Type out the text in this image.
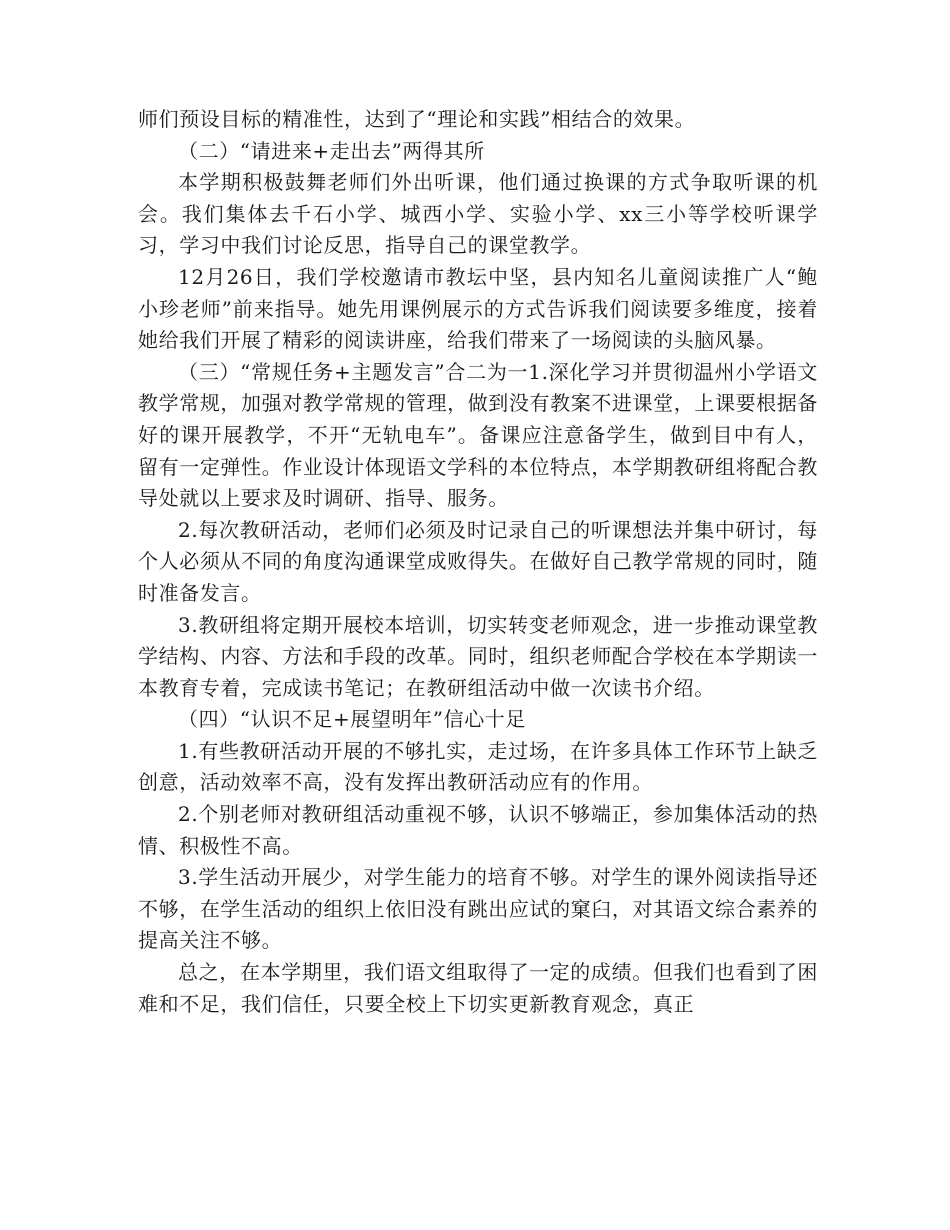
师们预设目标的精准性，达到了“理论和实践”相结合的效果。

（二）“请进来+走出去”两得其所

本学期积极鼓舞老师们外出听课，他们通过换课的方式争取听课的机会。我们集体去千石小学、城西小学、实验小学、xx三小等学校听课学习，学习中我们讨论反思，指导自己的课堂教学。

12月26日，我们学校邀请市教坛中坚，县内知名儿童阅读推广人“鲍小珍老师”前来指导。她先用课例展示的方式告诉我们阅读要多维度，接着她给我们开展了精彩的阅读讲座，给我们带来了一场阅读的头脑风暴。

（三）“常规任务+主题发言”合二为一1.深化学习并贯彻温州小学语文教学常规，加强对教学常规的管理，做到没有教案不进课堂，上课要根据备好的课开展教学，不开“无轨电车”。备课应注意备学生，做到目中有人，留有一定弹性。作业设计体现语文学科的本位特点，本学期教研组将配合教导处就以上要求及时调研、指导、服务。

2.每次教研活动，老师们必须及时记录自己的听课想法并集中研讨，每个人必须从不同的角度沟通课堂成败得失。在做好自己教学常规的同时，随时准备发言。

3.教研组将定期开展校本培训，切实转变老师观念，进一步推动课堂教学结构、内容、方法和手段的改革。同时，组织老师配合学校在本学期读一本教育专着，完成读书笔记；在教研组活动中做一次读书介绍。

（四）“认识不足+展望明年”信心十足

1.有些教研活动开展的不够扎实，走过场，在许多具体工作环节上缺乏创意，活动效率不高，没有发挥出教研活动应有的作用。

2.个别老师对教研组活动重视不够，认识不够端正，参加集体活动的热情、积极性不高。

3.学生活动开展少，对学生能力的培育不够。对学生的课外阅读指导还不够，在学生活动的组织上依旧没有跳出应试的窠臼，对其语文综合素养的提高关注不够。

总之，在本学期里，我们语文组取得了一定的成绩。但我们也看到了困难和不足，我们信任，只要全校上下切实更新教育观念，真正
